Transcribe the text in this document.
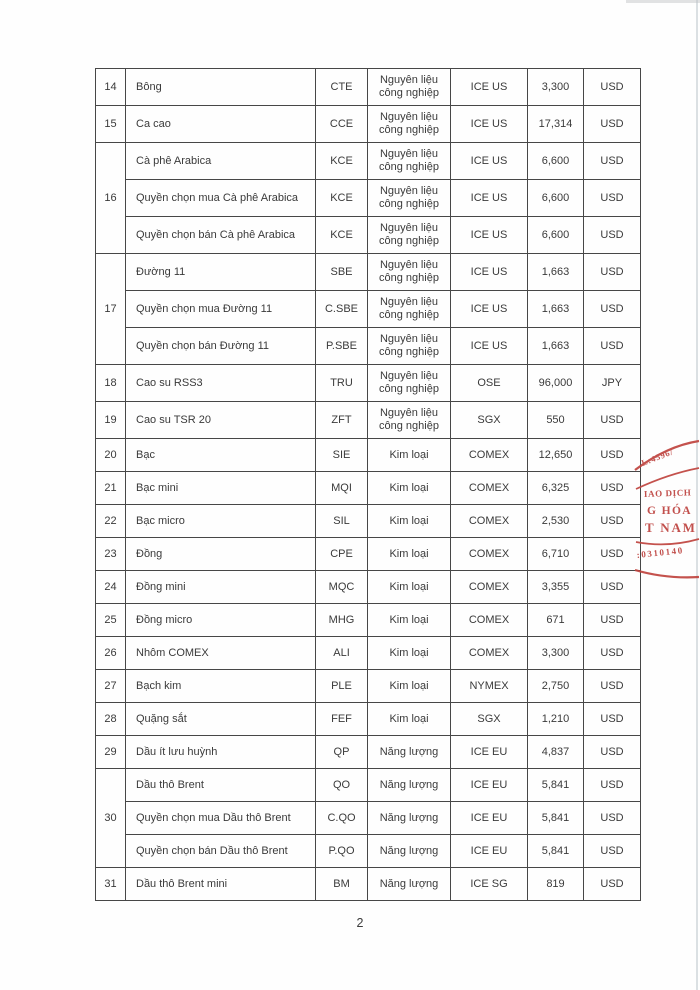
14	Bông	CTE	Nguyên liệu công nghiệp	ICE US	3,300	USD
15	Ca cao	CCE	Nguyên liệu công nghiệp	ICE US	17,314	USD
16	Cà phê Arabica	KCE	Nguyên liệu công nghiệp	ICE US	6,600	USD
	Quyền chọn mua Cà phê Arabica	KCE	Nguyên liệu công nghiệp	ICE US	6,600	USD
	Quyền chọn bán Cà phê Arabica	KCE	Nguyên liệu công nghiệp	ICE US	6,600	USD
17	Đường 11	SBE	Nguyên liệu công nghiệp	ICE US	1,663	USD
	Quyền chọn mua Đường 11	C.SBE	Nguyên liệu công nghiệp	ICE US	1,663	USD
	Quyền chọn bán Đường 11	P.SBE	Nguyên liệu công nghiệp	ICE US	1,663	USD
18	Cao su RSS3	TRU	Nguyên liệu công nghiệp	OSE	96,000	JPY
19	Cao su TSR 20	ZFT	Nguyên liệu công nghiệp	SGX	550	USD
20	Bạc	SIE	Kim loại	COMEX	12,650	USD
21	Bạc mini	MQI	Kim loại	COMEX	6,325	USD
22	Bạc micro	SIL	Kim loại	COMEX	2,530	USD
23	Đồng	CPE	Kim loại	COMEX	6,710	USD
24	Đồng mini	MQC	Kim loại	COMEX	3,355	USD
25	Đồng micro	MHG	Kim loại	COMEX	671	USD
26	Nhôm COMEX	ALI	Kim loại	COMEX	3,300	USD
27	Bạch kim	PLE	Kim loại	NYMEX	2,750	USD
28	Quặng sắt	FEF	Kim loại	SGX	1,210	USD
29	Dầu ít lưu huỳnh	QP	Năng lượng	ICE EU	4,837	USD
30	Dầu thô Brent	QO	Năng lượng	ICE EU	5,841	USD
	Quyền chọn mua Dầu thô Brent	C.QO	Năng lượng	ICE EU	5,841	USD
	Quyền chọn bán Dầu thô Brent	P.QO	Năng lượng	ICE EU	5,841	USD
31	Dầu thô Brent mini	BM	Năng lượng	ICE SG	819	USD
2
.L:4596/
IAO DỊCH
G HÓA
T NAM
:0310140
